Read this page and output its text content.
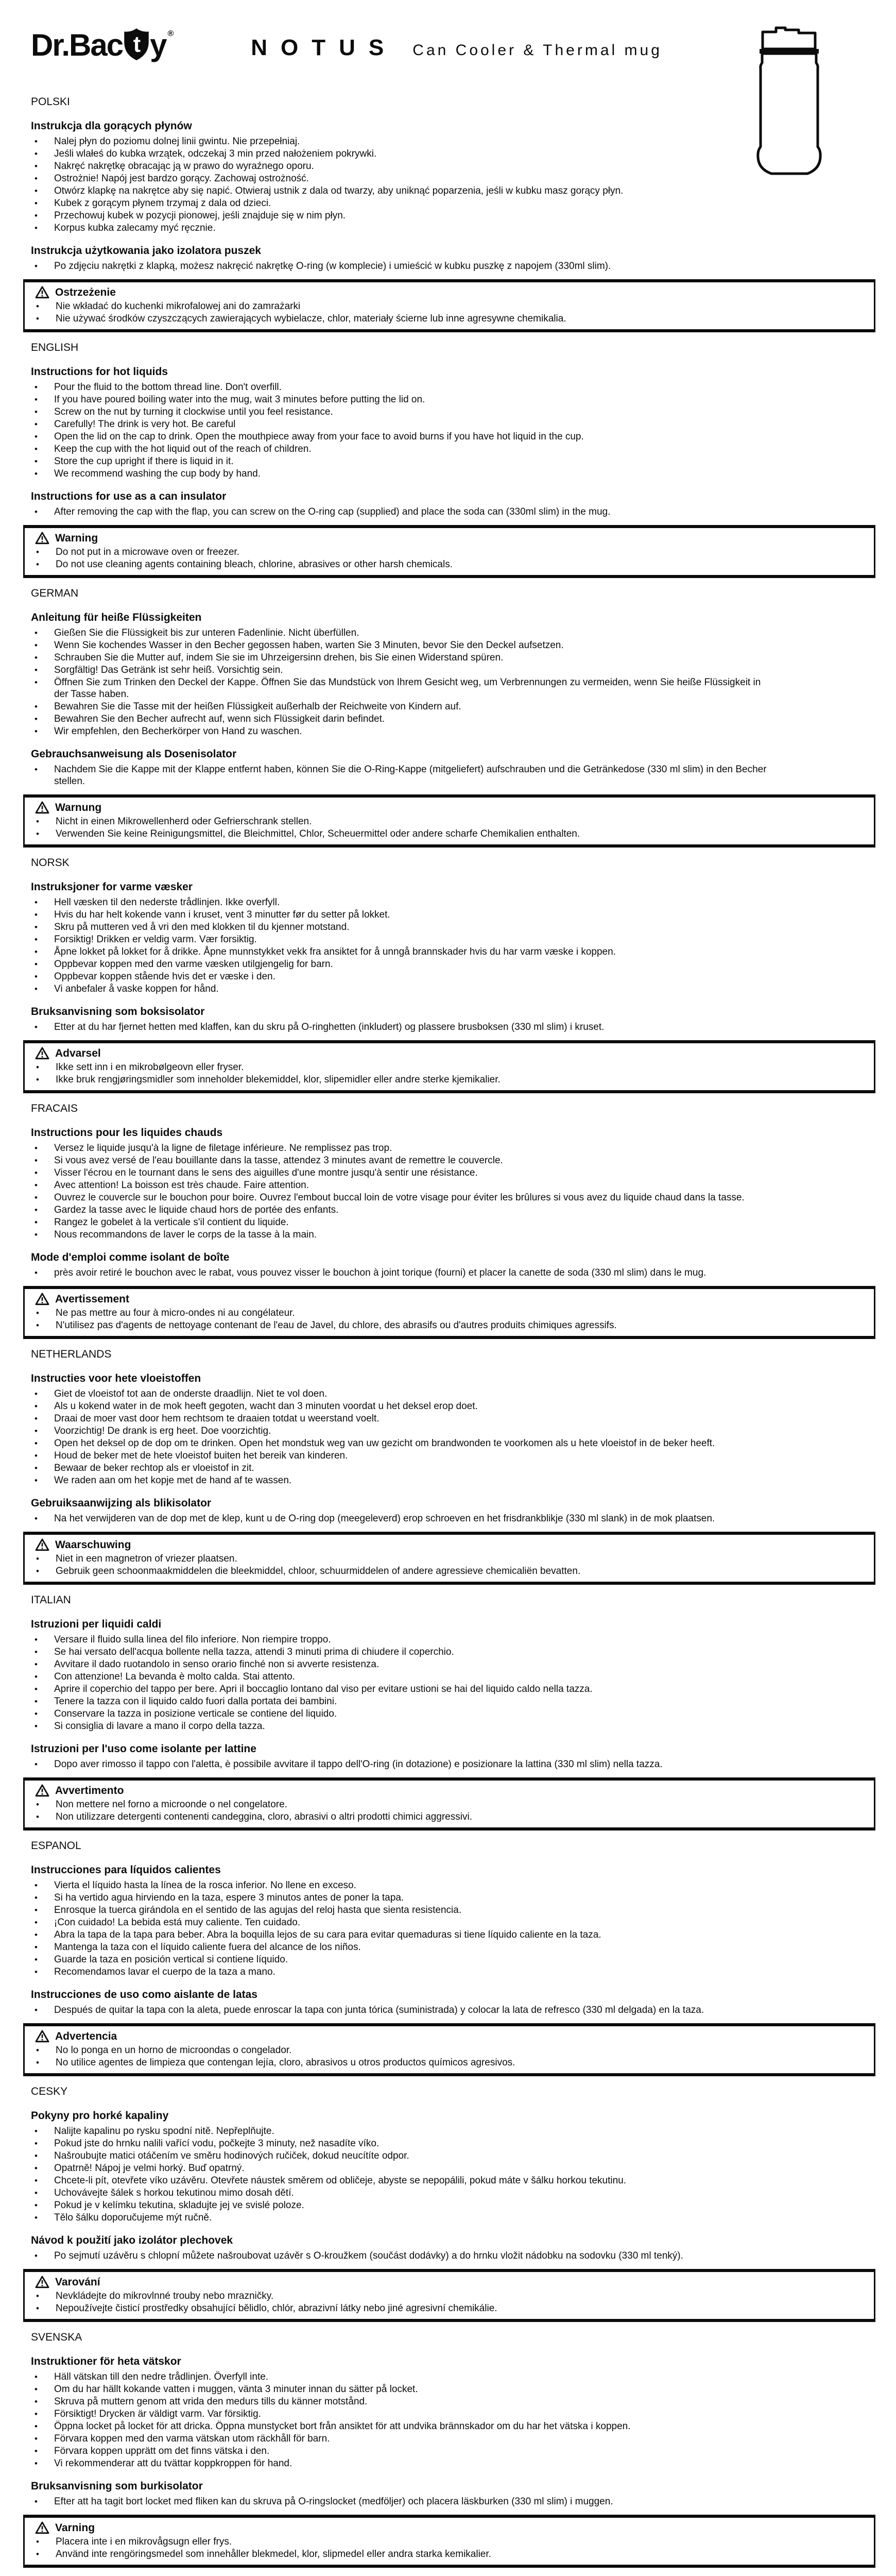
Dr.Bac t y ®
NOTUS Can Cooler & Thermal mug
POLSKI
Instrukcja dla gorących płynów
• Nalej płyn do poziomu dolnej linii gwintu. Nie przepełniaj.
• Jeśli wlałeś do kubka wrzątek, odczekaj 3 min przed nałożeniem pokrywki.
• Nakręć nakrętkę obracając ją w prawo do wyraźnego oporu.
• Ostrożnie! Napój jest bardzo gorący. Zachowaj ostrożność.
• Otwórz klapkę na nakrętce aby się napić. Otwieraj ustnik z dala od twarzy, aby uniknąć poparzenia, jeśli w kubku masz gorący płyn.
• Kubek z gorącym płynem trzymaj z dala od dzieci.
• Przechowuj kubek w pozycji pionowej, jeśli znajduje się w nim płyn.
• Korpus kubka zalecamy myć ręcznie.
Instrukcja użytkowania jako izolatora puszek
• Po zdjęciu nakrętki z klapką, możesz nakręcić nakrętkę O-ring (w komplecie) i umieścić w kubku puszkę z napojem (330ml slim).
Ostrzeżenie
• Nie wkładać do kuchenki mikrofalowej ani do zamrażarki
• Nie używać środków czyszczących zawierających wybielacze, chlor, materiały ścierne lub inne agresywne chemikalia.
ENGLISH
Instructions for hot liquids
• Pour the fluid to the bottom thread line. Don't overfill.
• If you have poured boiling water into the mug, wait 3 minutes before putting the lid on.
• Screw on the nut by turning it clockwise until you feel resistance.
• Carefully! The drink is very hot. Be careful
• Open the lid on the cap to drink. Open the mouthpiece away from your face to avoid burns if you have hot liquid in the cup.
• Keep the cup with the hot liquid out of the reach of children.
• Store the cup upright if there is liquid in it.
• We recommend washing the cup body by hand.
Instructions for use as a can insulator
• After removing the cap with the flap, you can screw on the O-ring cap (supplied) and place the soda can (330ml slim) in the mug.
Warning
• Do not put in a microwave oven or freezer.
• Do not use cleaning agents containing bleach, chlorine, abrasives or other harsh chemicals.
GERMAN
Anleitung für heiße Flüssigkeiten
• Gießen Sie die Flüssigkeit bis zur unteren Fadenlinie. Nicht überfüllen.
• Wenn Sie kochendes Wasser in den Becher gegossen haben, warten Sie 3 Minuten, bevor Sie den Deckel aufsetzen.
• Schrauben Sie die Mutter auf, indem Sie sie im Uhrzeigersinn drehen, bis Sie einen Widerstand spüren.
• Sorgfältig! Das Getränk ist sehr heiß. Vorsichtig sein.
• Öffnen Sie zum Trinken den Deckel der Kappe. Öffnen Sie das Mundstück von Ihrem Gesicht weg, um Verbrennungen zu vermeiden, wenn Sie heiße Flüssigkeit in der Tasse haben.
• Bewahren Sie die Tasse mit der heißen Flüssigkeit außerhalb der Reichweite von Kindern auf.
• Bewahren Sie den Becher aufrecht auf, wenn sich Flüssigkeit darin befindet.
• Wir empfehlen, den Becherkörper von Hand zu waschen.
Gebrauchsanweisung als Dosenisolator
• Nachdem Sie die Kappe mit der Klappe entfernt haben, können Sie die O-Ring-Kappe (mitgeliefert) aufschrauben und die Getränkedose (330 ml slim) in den Becher stellen.
Warnung
• Nicht in einen Mikrowellenherd oder Gefrierschrank stellen.
• Verwenden Sie keine Reinigungsmittel, die Bleichmittel, Chlor, Scheuermittel oder andere scharfe Chemikalien enthalten.
NORSK
Instruksjoner for varme væsker
• Hell væsken til den nederste trådlinjen. Ikke overfyll.
• Hvis du har helt kokende vann i kruset, vent 3 minutter før du setter på lokket.
• Skru på mutteren ved å vri den med klokken til du kjenner motstand.
• Forsiktig! Drikken er veldig varm. Vær forsiktig.
• Åpne lokket på lokket for å drikke. Åpne munnstykket vekk fra ansiktet for å unngå brannskader hvis du har varm væske i koppen.
• Oppbevar koppen med den varme væsken utilgjengelig for barn.
• Oppbevar koppen stående hvis det er væske i den.
• Vi anbefaler å vaske koppen for hånd.
Bruksanvisning som boksisolator
• Etter at du har fjernet hetten med klaffen, kan du skru på O-ringhetten (inkludert) og plassere brusboksen (330 ml slim) i kruset.
Advarsel
• Ikke sett inn i en mikrobølgeovn eller fryser.
• Ikke bruk rengjøringsmidler som inneholder blekemiddel, klor, slipemidler eller andre sterke kjemikalier.
FRACAIS
Instructions pour les liquides chauds
• Versez le liquide jusqu'à la ligne de filetage inférieure. Ne remplissez pas trop.
• Si vous avez versé de l'eau bouillante dans la tasse, attendez 3 minutes avant de remettre le couvercle.
• Visser l'écrou en le tournant dans le sens des aiguilles d'une montre jusqu'à sentir une résistance.
• Avec attention! La boisson est très chaude. Faire attention.
• Ouvrez le couvercle sur le bouchon pour boire. Ouvrez l'embout buccal loin de votre visage pour éviter les brûlures si vous avez du liquide chaud dans la tasse.
• Gardez la tasse avec le liquide chaud hors de portée des enfants.
• Rangez le gobelet à la verticale s'il contient du liquide.
• Nous recommandons de laver le corps de la tasse à la main.
Mode d'emploi comme isolant de boîte
• près avoir retiré le bouchon avec le rabat, vous pouvez visser le bouchon à joint torique (fourni) et placer la canette de soda (330 ml slim) dans le mug.
Avertissement
• Ne pas mettre au four à micro-ondes ni au congélateur.
• N'utilisez pas d'agents de nettoyage contenant de l'eau de Javel, du chlore, des abrasifs ou d'autres produits chimiques agressifs.
NETHERLANDS
Instructies voor hete vloeistoffen
• Giet de vloeistof tot aan de onderste draadlijn. Niet te vol doen.
• Als u kokend water in de mok heeft gegoten, wacht dan 3 minuten voordat u het deksel erop doet.
• Draai de moer vast door hem rechtsom te draaien totdat u weerstand voelt.
• Voorzichtig! De drank is erg heet. Doe voorzichtig.
• Open het deksel op de dop om te drinken. Open het mondstuk weg van uw gezicht om brandwonden te voorkomen als u hete vloeistof in de beker heeft.
• Houd de beker met de hete vloeistof buiten het bereik van kinderen.
• Bewaar de beker rechtop als er vloeistof in zit.
• We raden aan om het kopje met de hand af te wassen.
Gebruiksaanwijzing als blikisolator
• Na het verwijderen van de dop met de klep, kunt u de O-ring dop (meegeleverd) erop schroeven en het frisdrankblikje (330 ml slank) in de mok plaatsen.
Waarschuwing
• Niet in een magnetron of vriezer plaatsen.
• Gebruik geen schoonmaakmiddelen die bleekmiddel, chloor, schuurmiddelen of andere agressieve chemicaliën bevatten.
ITALIAN
Istruzioni per liquidi caldi
• Versare il fluido sulla linea del filo inferiore. Non riempire troppo.
• Se hai versato dell'acqua bollente nella tazza, attendi 3 minuti prima di chiudere il coperchio.
• Avvitare il dado ruotandolo in senso orario finché non si avverte resistenza.
• Con attenzione! La bevanda è molto calda. Stai attento.
• Aprire il coperchio del tappo per bere. Apri il boccaglio lontano dal viso per evitare ustioni se hai del liquido caldo nella tazza.
• Tenere la tazza con il liquido caldo fuori dalla portata dei bambini.
• Conservare la tazza in posizione verticale se contiene del liquido.
• Si consiglia di lavare a mano il corpo della tazza.
Istruzioni per l'uso come isolante per lattine
• Dopo aver rimosso il tappo con l'aletta, è possibile avvitare il tappo dell'O-ring (in dotazione) e posizionare la lattina (330 ml slim) nella tazza.
Avvertimento
• Non mettere nel forno a microonde o nel congelatore.
• Non utilizzare detergenti contenenti candeggina, cloro, abrasivi o altri prodotti chimici aggressivi.
ESPANOL
Instrucciones para líquidos calientes
• Vierta el líquido hasta la línea de la rosca inferior. No llene en exceso.
• Si ha vertido agua hirviendo en la taza, espere 3 minutos antes de poner la tapa.
• Enrosque la tuerca girándola en el sentido de las agujas del reloj hasta que sienta resistencia.
• ¡Con cuidado! La bebida está muy caliente. Ten cuidado.
• Abra la tapa de la tapa para beber. Abra la boquilla lejos de su cara para evitar quemaduras si tiene líquido caliente en la taza.
• Mantenga la taza con el líquido caliente fuera del alcance de los niños.
• Guarde la taza en posición vertical si contiene líquido.
• Recomendamos lavar el cuerpo de la taza a mano.
Instrucciones de uso como aislante de latas
• Después de quitar la tapa con la aleta, puede enroscar la tapa con junta tórica (suministrada) y colocar la lata de refresco (330 ml delgada) en la taza.
Advertencia
• No lo ponga en un horno de microondas o congelador.
• No utilice agentes de limpieza que contengan lejía, cloro, abrasivos u otros productos químicos agresivos.
CESKY
Pokyny pro horké kapaliny
• Nalijte kapalinu po rysku spodní nitě. Nepřeplňujte.
• Pokud jste do hrnku nalili vařící vodu, počkejte 3 minuty, než nasadíte víko.
• Našroubujte matici otáčením ve směru hodinových ručiček, dokud neucítíte odpor.
• Opatrně! Nápoj je velmi horký. Buď opatrný.
• Chcete-li pít, otevřete víko uzávěru. Otevřete náustek směrem od obličeje, abyste se nepopálili, pokud máte v šálku horkou tekutinu.
• Uchovávejte šálek s horkou tekutinou mimo dosah dětí.
• Pokud je v kelímku tekutina, skladujte jej ve svislé poloze.
• Tělo šálku doporučujeme mýt ručně.
Návod k použití jako izolátor plechovek
• Po sejmutí uzávěru s chlopní můžete našroubovat uzávěr s O-kroužkem (součást dodávky) a do hrnku vložit nádobku na sodovku (330 ml tenký).
Varování
• Nevkládejte do mikrovlnné trouby nebo mrazničky.
• Nepoužívejte čisticí prostředky obsahující bělidlo, chlór, abrazivní látky nebo jiné agresivní chemikálie.
SVENSKA
Instruktioner för heta vätskor
• Häll vätskan till den nedre trådlinjen. Överfyll inte.
• Om du har hällt kokande vatten i muggen, vänta 3 minuter innan du sätter på locket.
• Skruva på muttern genom att vrida den medurs tills du känner motstånd.
• Försiktigt! Drycken är väldigt varm. Var försiktig.
• Öppna locket på locket för att dricka. Öppna munstycket bort från ansiktet för att undvika brännskador om du har het vätska i koppen.
• Förvara koppen med den varma vätskan utom räckhåll för barn.
• Förvara koppen upprätt om det finns vätska i den.
• Vi rekommenderar att du tvättar koppkroppen för hand.
Bruksanvisning som burkisolator
• Efter att ha tagit bort locket med fliken kan du skruva på O-ringslocket (medföljer) och placera läskburken (330 ml slim) i muggen.
Varning
• Placera inte i en mikrovågsugn eller frys.
• Använd inte rengöringsmedel som innehåller blekmedel, klor, slipmedel eller andra starka kemikalier.
